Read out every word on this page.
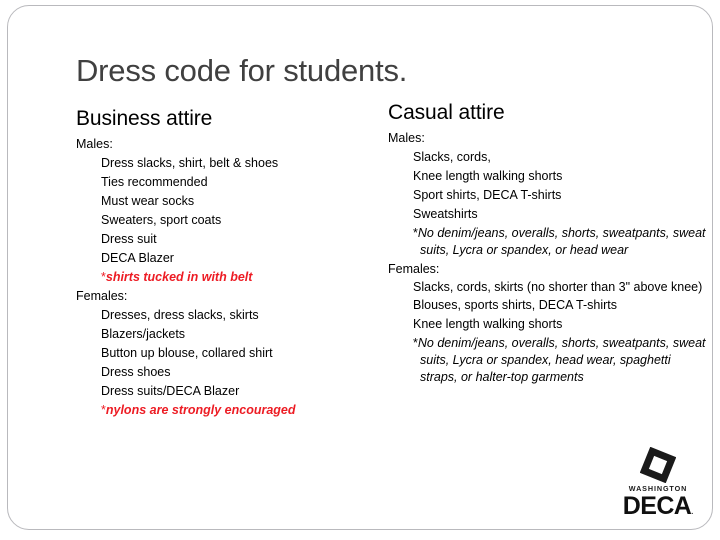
Dress code for students.
Business attire
Males:
Dress slacks, shirt, belt & shoes
Ties recommended
Must wear socks
Sweaters, sport coats
Dress suit
DECA Blazer
*shirts tucked in with belt
Females:
Dresses, dress slacks, skirts
Blazers/jackets
Button up blouse, collared shirt
Dress shoes
Dress suits/DECA Blazer
*nylons are strongly encouraged
Casual attire
Males:
Slacks, cords,
Knee length walking shorts
Sport shirts, DECA T-shirts
Sweatshirts
*No denim/jeans, overalls, shorts, sweatpants, sweat suits, Lycra or spandex, or head wear
Females:
Slacks, cords, skirts (no shorter than 3" above knee)
Blouses, sports shirts, DECA T-shirts
Knee length walking shorts
*No denim/jeans, overalls, shorts, sweatpants, sweat suits, Lycra or spandex, head wear, spaghetti straps, or halter-top garments
WASHINGTON
DECA.
